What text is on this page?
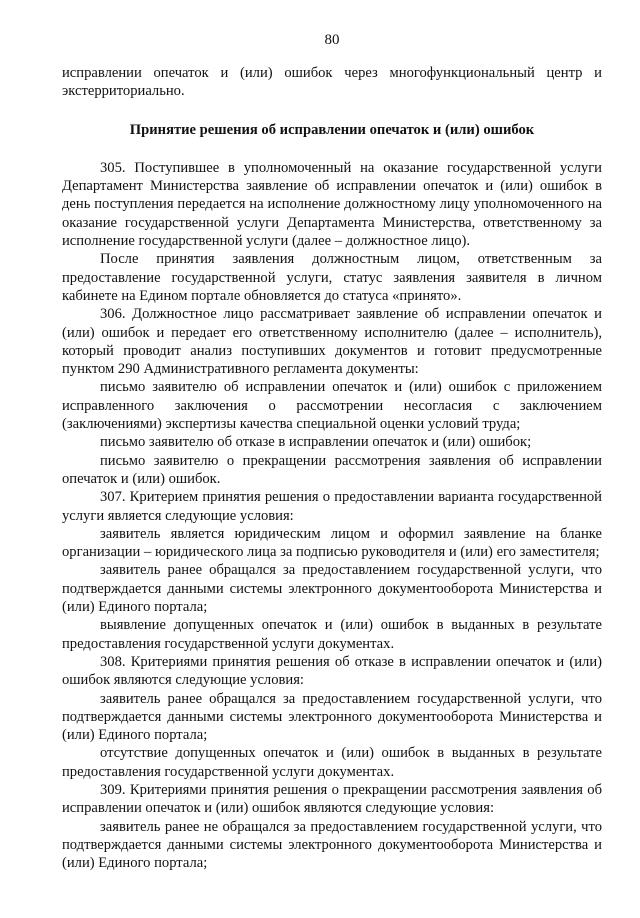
80

исправлении опечаток и (или) ошибок через многофункциональный центр и экстерриториально.

Принятие решения об исправлении опечаток и (или) ошибок

305. Поступившее в уполномоченный на оказание государственной услуги Департамент Министерства заявление об исправлении опечаток и (или) ошибок в день поступления передается на исполнение должностному лицу уполномоченного на оказание государственной услуги Департамента Министерства, ответственному за исполнение государственной услуги (далее – должностное лицо).

После принятия заявления должностным лицом, ответственным за предоставление государственной услуги, статус заявления заявителя в личном кабинете на Едином портале обновляется до статуса «принято».

306. Должностное лицо рассматривает заявление об исправлении опечаток и (или) ошибок и передает его ответственному исполнителю (далее – исполнитель), который проводит анализ поступивших документов и готовит предусмотренные пунктом 290 Административного регламента документы:

письмо заявителю об исправлении опечаток и (или) ошибок с приложением исправленного заключения о рассмотрении несогласия с заключением (заключениями) экспертизы качества специальной оценки условий труда;

письмо заявителю об отказе в исправлении опечаток и (или) ошибок;

письмо заявителю о прекращении рассмотрения заявления об исправлении опечаток и (или) ошибок.

307. Критерием принятия решения о предоставлении варианта государственной услуги является следующие условия:

заявитель является юридическим лицом и оформил заявление на бланке организации – юридического лица за подписью руководителя и (или) его заместителя;

заявитель ранее обращался за предоставлением государственной услуги, что подтверждается данными системы электронного документооборота Министерства и (или) Единого портала;

выявление допущенных опечаток и (или) ошибок в выданных в результате предоставления государственной услуги документах.

308. Критериями принятия решения об отказе в исправлении опечаток и (или) ошибок являются следующие условия:

заявитель ранее обращался за предоставлением государственной услуги, что подтверждается данными системы электронного документооборота Министерства и (или) Единого портала;

отсутствие допущенных опечаток и (или) ошибок в выданных в результате предоставления государственной услуги документах.

309. Критериями принятия решения о прекращении рассмотрения заявления об исправлении опечаток и (или) ошибок являются следующие условия:

заявитель ранее не обращался за предоставлением государственной услуги, что подтверждается данными системы электронного документооборота Министерства и (или) Единого портала;
